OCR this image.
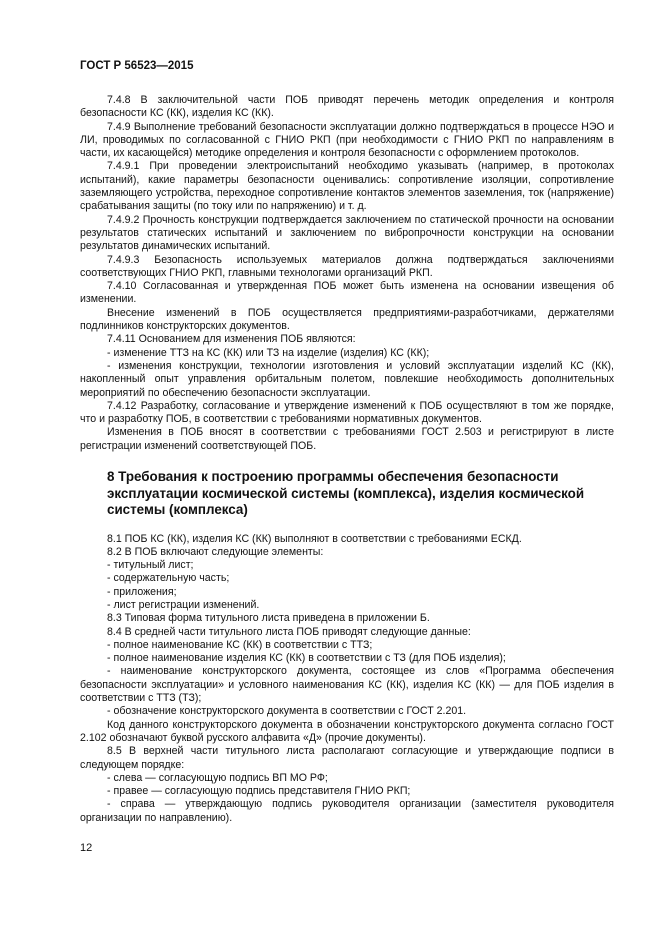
ГОСТ Р 56523—2015
7.4.8 В заключительной части ПОБ приводят перечень методик определения и контроля безопасности КС (КК), изделия КС (КК).
7.4.9 Выполнение требований безопасности эксплуатации должно подтверждаться в процессе НЭО и ЛИ, проводимых по согласованной с ГНИО РКП (при необходимости с ГНИО РКП по направлениям в части, их касающейся) методике определения и контроля безопасности с оформлением протоколов.
7.4.9.1 При проведении электроиспытаний необходимо указывать (например, в протоколах испытаний), какие параметры безопасности оценивались: сопротивление изоляции, сопротивление заземляющего устройства, переходное сопротивление контактов элементов заземления, ток (напряжение) срабатывания защиты (по току или по напряжению) и т. д.
7.4.9.2 Прочность конструкции подтверждается заключением по статической прочности на основании результатов статических испытаний и заключением по вибропрочности конструкции на основании результатов динамических испытаний.
7.4.9.3 Безопасность используемых материалов должна подтверждаться заключениями соответствующих ГНИО РКП, главными технологами организаций РКП.
7.4.10 Согласованная и утвержденная ПОБ может быть изменена на основании извещения об изменении.
Внесение изменений в ПОБ осуществляется предприятиями-разработчиками, держателями подлинников конструкторских документов.
7.4.11 Основанием для изменения ПОБ являются:
- изменение ТТЗ на КС (КК) или ТЗ на изделие (изделия) КС (КК);
- изменения конструкции, технологии изготовления и условий эксплуатации изделий КС (КК), накопленный опыт управления орбитальным полетом, повлекшие необходимость дополнительных мероприятий по обеспечению безопасности эксплуатации.
7.4.12 Разработку, согласование и утверждение изменений к ПОБ осуществляют в том же порядке, что и разработку ПОБ, в соответствии с требованиями нормативных документов.
Изменения в ПОБ вносят в соответствии с требованиями ГОСТ 2.503 и регистрируют в листе регистрации изменений соответствующей ПОБ.
8 Требования к построению программы обеспечения безопасности эксплуатации космической системы (комплекса), изделия космической системы (комплекса)
8.1 ПОБ КС (КК), изделия КС (КК) выполняют в соответствии с требованиями ЕСКД.
8.2 В ПОБ включают следующие элементы:
- титульный лист;
- содержательную часть;
- приложения;
- лист регистрации изменений.
8.3 Типовая форма титульного листа приведена в приложении Б.
8.4 В средней части титульного листа ПОБ приводят следующие данные:
- полное наименование КС (КК) в соответствии с ТТЗ;
- полное наименование изделия КС (КК) в соответствии с ТЗ (для ПОБ изделия);
- наименование конструкторского документа, состоящее из слов «Программа обеспечения безопасности эксплуатации» и условного наименования КС (КК), изделия КС (КК) — для ПОБ изделия в соответствии с ТТЗ (ТЗ);
- обозначение конструкторского документа в соответствии с ГОСТ 2.201.
Код данного конструкторского документа в обозначении конструкторского документа согласно ГОСТ 2.102 обозначают буквой русского алфавита «Д» (прочие документы).
8.5 В верхней части титульного листа располагают согласующие и утверждающие подписи в следующем порядке:
- слева — согласующую подпись ВП МО РФ;
- правее — согласующую подпись представителя ГНИО РКП;
- справа — утверждающую подпись руководителя организации (заместителя руководителя организации по направлению).
12
